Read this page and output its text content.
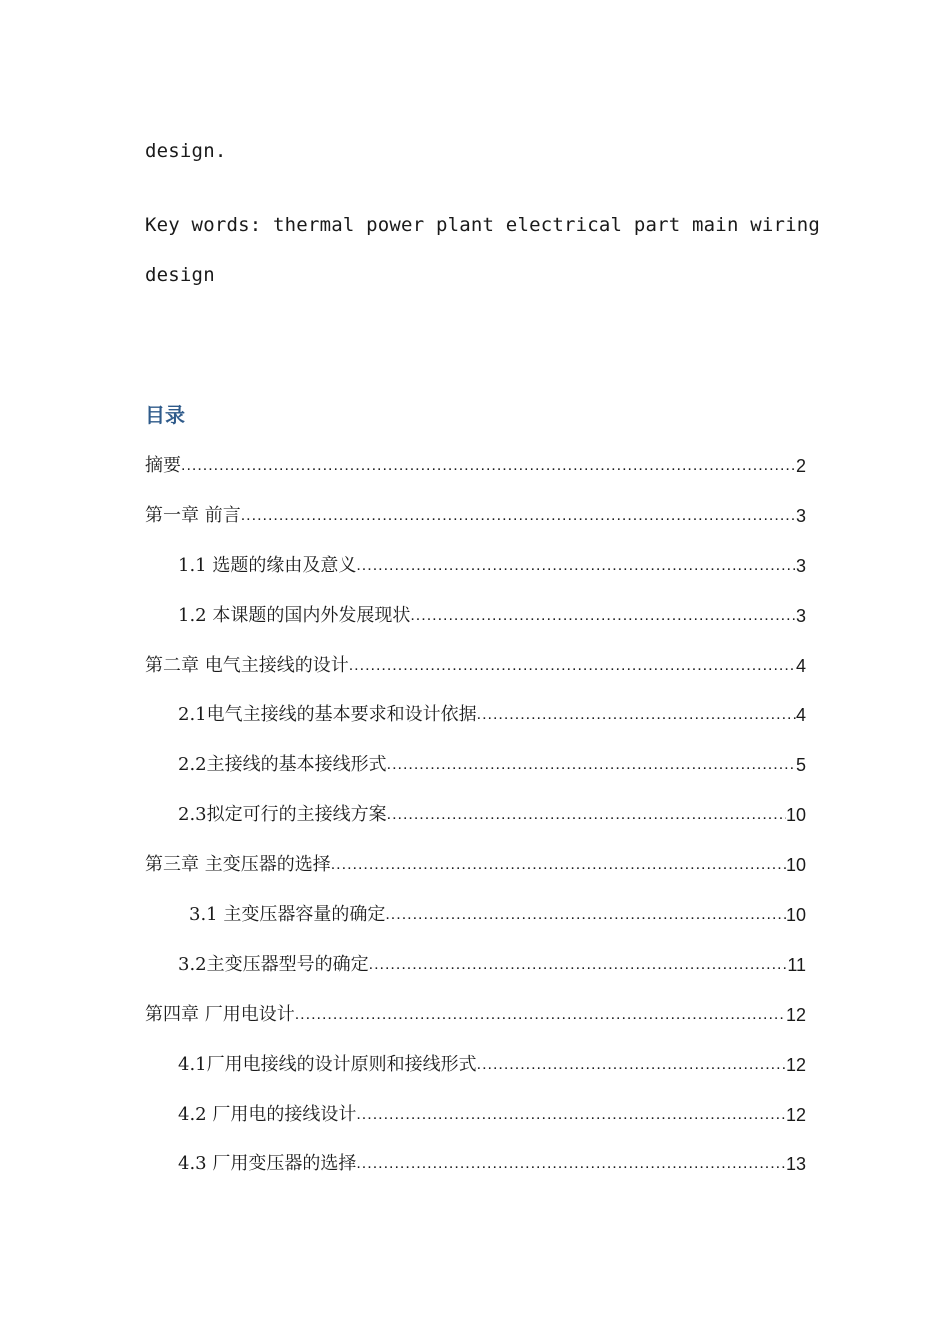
design.
Key words: thermal power plant electrical part main wiring
design
目录
摘要 .....	2
第一章 前言 .....	3
1.1 选题的缘由及意义 .....	3
1.2 本课题的国内外发展现状 .....	3
第二章 电气主接线的设计 .....	4
2.1电气主接线的基本要求和设计依据 .....	4
2.2主接线的基本接线形式 .....	5
2.3拟定可行的主接线方案 .....	10
第三章 主变压器的选择 .....	10
3.1 主变压器容量的确定 .....	10
3.2主变压器型号的确定 .....	11
第四章 厂用电设计 .....	12
4.1厂用电接线的设计原则和接线形式 .....	12
4.2 厂用电的接线设计 .....	12
4.3 厂用变压器的选择 .....	13
